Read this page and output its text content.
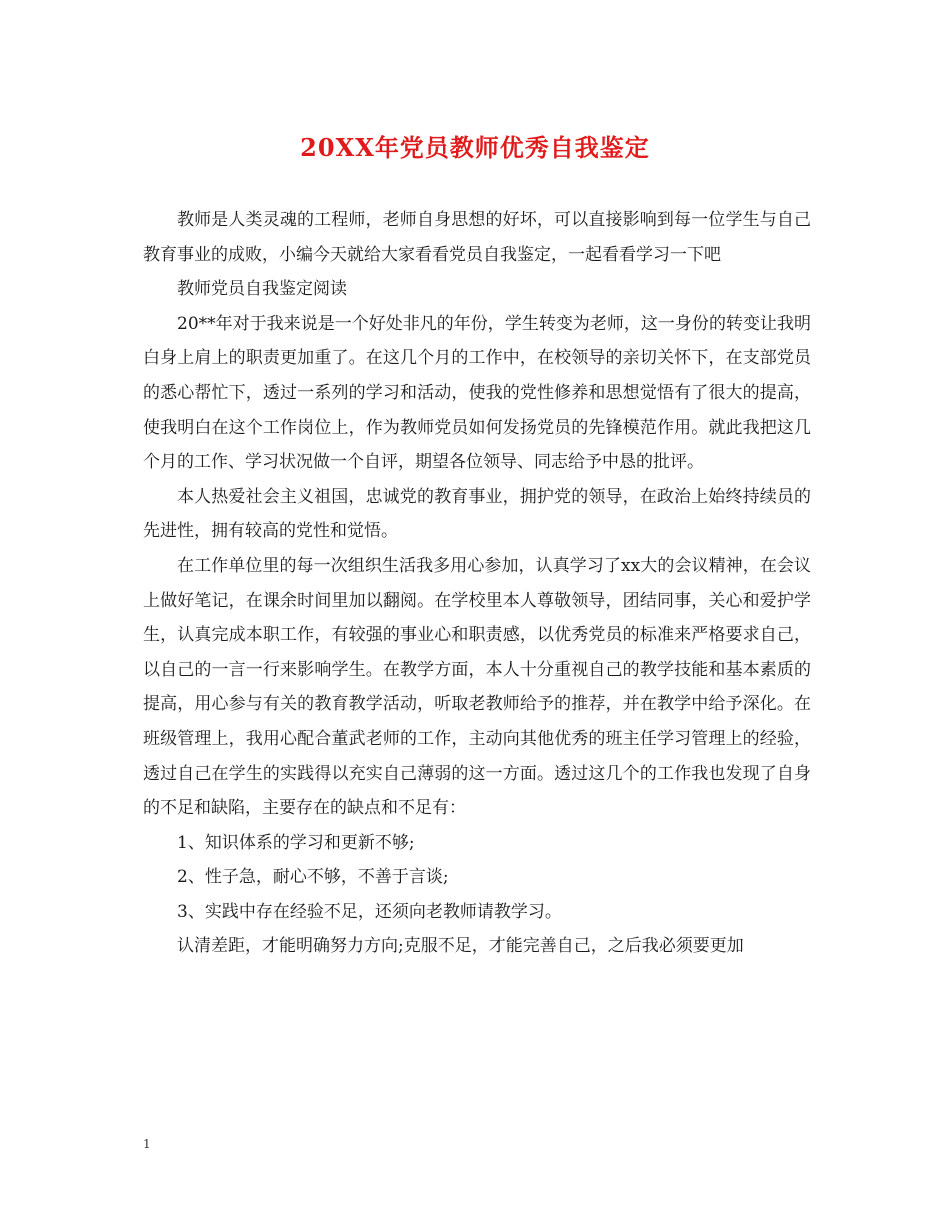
20XX年党员教师优秀自我鉴定

教师是人类灵魂的工程师，老师自身思想的好坏，可以直接影响到每一位学生与自己教育事业的成败，小编今天就给大家看看党员自我鉴定，一起看看学习一下吧

教师党员自我鉴定阅读

20**年对于我来说是一个好处非凡的年份，学生转变为老师，这一身份的转变让我明白身上肩上的职责更加重了。在这几个月的工作中，在校领导的亲切关怀下，在支部党员的悉心帮忙下，透过一系列的学习和活动，使我的党性修养和思想觉悟有了很大的提高，使我明白在这个工作岗位上，作为教师党员如何发扬党员的先锋模范作用。就此我把这几个月的工作、学习状况做一个自评，期望各位领导、同志给予中恳的批评。

本人热爱社会主义祖国，忠诚党的教育事业，拥护党的领导，在政治上始终持续员的先进性，拥有较高的党性和觉悟。

在工作单位里的每一次组织生活我多用心参加，认真学习了xx大的会议精神，在会议上做好笔记，在课余时间里加以翻阅。在学校里本人尊敬领导，团结同事，关心和爱护学生，认真完成本职工作，有较强的事业心和职责感，以优秀党员的标准来严格要求自己，以自己的一言一行来影响学生。在教学方面，本人十分重视自己的教学技能和基本素质的提高，用心参与有关的教育教学活动，听取老教师给予的推荐，并在教学中给予深化。在班级管理上，我用心配合董武老师的工作，主动向其他优秀的班主任学习管理上的经验，透过自己在学生的实践得以充实自己薄弱的这一方面。透过这几个的工作我也发现了自身的不足和缺陷，主要存在的缺点和不足有：

1、知识体系的学习和更新不够;

2、性子急，耐心不够，不善于言谈;

3、实践中存在经验不足，还须向老教师请教学习。

认清差距，才能明确努力方向;克服不足，才能完善自己，之后我必须要更加

1
